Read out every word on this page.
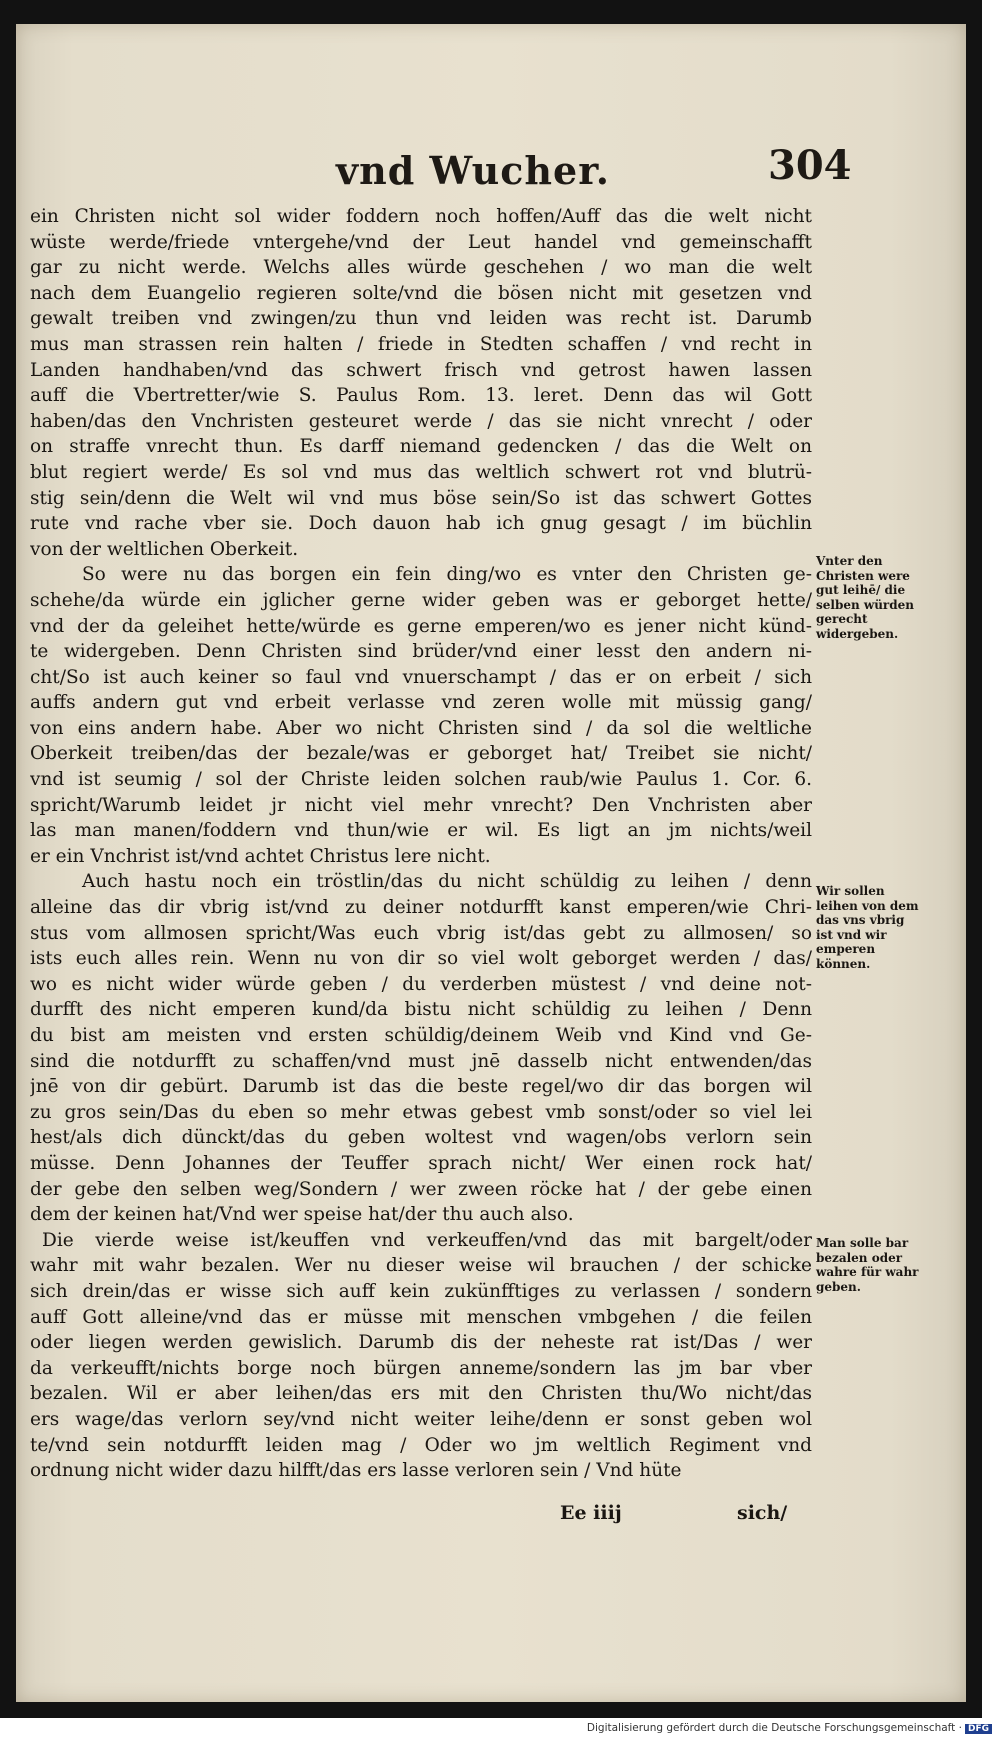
vnd Wucher.	304
ein Christen nicht sol wider foddern noch hoffen/Auff das die welt nicht
wüste werde/friede vntergehe/vnd der Leut handel vnd gemeinschafft
gar zu nicht werde. Welchs alles würde geschehen / wo man die welt
nach dem Euangelio regieren solte/vnd die bösen nicht mit gesetzen vnd
gewalt treiben vnd zwingen/zu thun vnd leiden was recht ist. Darumb
mus man strassen rein halten / friede in Stedten schaffen / vnd recht in
Landen handhaben/vnd das schwert frisch vnd getrost hawen lassen
auff die Vbertretter/wie S. Paulus Rom. 13. leret. Denn das wil Gott
haben/das den Vnchristen gesteuret werde / das sie nicht vnrecht / oder
on straffe vnrecht thun. Es darff niemand gedencken / das die Welt on
blut regiert werde/ Es sol vnd mus das weltlich schwert rot vnd blutrü-
stig sein/denn die Welt wil vnd mus böse sein/So ist das schwert Gottes
rute vnd rache vber sie. Doch dauon hab ich gnug gesagt / im büchlin
von der weltlichen Oberkeit.
So were nu das borgen ein fein ding/wo es vnter den Christen ge-
schehe/da würde ein jglicher gerne wider geben was er geborget hette/
vnd der da geleihet hette/würde es gerne emperen/wo es jener nicht künd-
te widergeben. Denn Christen sind brüder/vnd einer lesst den andern ni-
cht/So ist auch keiner so faul vnd vnuerschampt / das er on erbeit / sich
auffs andern gut vnd erbeit verlasse vnd zeren wolle mit müssig gang/
von eins andern habe. Aber wo nicht Christen sind / da sol die weltliche
Oberkeit treiben/das der bezale/was er geborget hat/ Treibet sie nicht/
vnd ist seumig / sol der Christe leiden solchen raub/wie Paulus 1. Cor. 6.
spricht/Warumb leidet jr nicht viel mehr vnrecht? Den Vnchristen aber
las man manen/foddern vnd thun/wie er wil. Es ligt an jm nichts/weil
er ein Vnchrist ist/vnd achtet Christus lere nicht.
Auch hastu noch ein tröstlin/das du nicht schüldig zu leihen / denn
alleine das dir vbrig ist/vnd zu deiner notdurfft kanst emperen/wie Chri-
stus vom allmosen spricht/Was euch vbrig ist/das gebt zu allmosen/ so
ists euch alles rein. Wenn nu von dir so viel wolt geborget werden / das/
wo es nicht wider würde geben / du verderben müstest / vnd deine not-
durfft des nicht emperen kund/da bistu nicht schüldig zu leihen / Denn
du bist am meisten vnd ersten schüldig/deinem Weib vnd Kind vnd Ge-
sind die notdurfft zu schaffen/vnd must jnē dasselb nicht entwenden/das
jnē von dir gebürt. Darumb ist das die beste regel/wo dir das borgen wil
zu gros sein/Das du eben so mehr etwas gebest vmb sonst/oder so viel lei
hest/als dich dünckt/das du geben woltest vnd wagen/obs verlorn sein
müsse. Denn Johannes der Teuffer sprach nicht/ Wer einen rock hat/
der gebe den selben weg/Sondern / wer zween röcke hat / der gebe einen
dem der keinen hat/Vnd wer speise hat/der thu auch also.
Die vierde weise ist/keuffen vnd verkeuffen/vnd das mit bargelt/oder
wahr mit wahr bezalen. Wer nu dieser weise wil brauchen / der schicke
sich drein/das er wisse sich auff kein zukünfftiges zu verlassen / sondern
auff Gott alleine/vnd das er müsse mit menschen vmbgehen / die feilen
oder liegen werden gewislich. Darumb dis der neheste rat ist/Das / wer
da verkeufft/nichts borge noch bürgen anneme/sondern las jm bar vber
bezalen. Wil er aber leihen/das ers mit den Christen thu/Wo nicht/das
ers wage/das verlorn sey/vnd nicht weiter leihe/denn er sonst geben wol
te/vnd sein notdurfft leiden mag / Oder wo jm weltlich Regiment vnd
ordnung nicht wider dazu hilfft/das ers lasse verloren sein / Vnd hüte
Vnter den Christen were gut leihē/ die selben würden gerecht widergeben.
Wir sollen leihen von dem das vns vbrig ist vnd wir emperen können.
Man solle bar bezalen oder wahre für wahr geben.
Ee iiij	sich/
Digitalisierung gefördert durch die Deutsche Forschungsgemeinschaft · DFG
